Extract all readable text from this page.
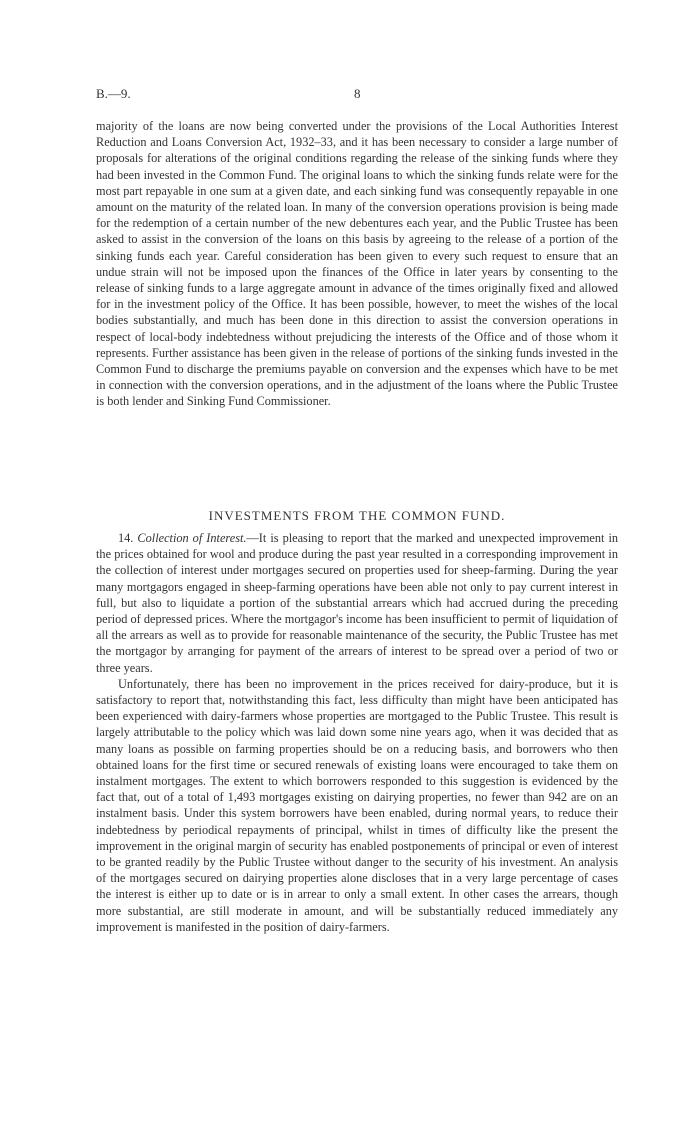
B.—9.	8

majority of the loans are now being converted under the provisions of the Local Authorities Interest Reduction and Loans Conversion Act, 1932–33, and it has been necessary to consider a large number of proposals for alterations of the original conditions regarding the release of the sinking funds where they had been invested in the Common Fund. The original loans to which the sinking funds relate were for the most part repayable in one sum at a given date, and each sinking fund was consequently repayable in one amount on the maturity of the related loan. In many of the conversion operations provision is being made for the redemption of a certain number of the new debentures each year, and the Public Trustee has been asked to assist in the conversion of the loans on this basis by agreeing to the release of a portion of the sinking funds each year. Careful consideration has been given to every such request to ensure that an undue strain will not be imposed upon the finances of the Office in later years by consenting to the release of sinking funds to a large aggregate amount in advance of the times originally fixed and allowed for in the investment policy of the Office. It has been possible, however, to meet the wishes of the local bodies substantially, and much has been done in this direction to assist the conversion operations in respect of local-body indebtedness without prejudicing the interests of the Office and of those whom it represents. Further assistance has been given in the release of portions of the sinking funds invested in the Common Fund to discharge the premiums payable on conversion and the expenses which have to be met in connection with the conversion operations, and in the adjustment of the loans where the Public Trustee is both lender and Sinking Fund Commissioner.

INVESTMENTS FROM THE COMMON FUND.

14. Collection of Interest.—It is pleasing to report that the marked and unexpected improvement in the prices obtained for wool and produce during the past year resulted in a corresponding improvement in the collection of interest under mortgages secured on properties used for sheep-farming. During the year many mortgagors engaged in sheep-farming operations have been able not only to pay current interest in full, but also to liquidate a portion of the substantial arrears which had accrued during the preceding period of depressed prices. Where the mortgagor's income has been insufficient to permit of liquidation of all the arrears as well as to provide for reasonable maintenance of the security, the Public Trustee has met the mortgagor by arranging for payment of the arrears of interest to be spread over a period of two or three years.

Unfortunately, there has been no improvement in the prices received for dairy-produce, but it is satisfactory to report that, notwithstanding this fact, less difficulty than might have been anticipated has been experienced with dairy-farmers whose properties are mortgaged to the Public Trustee. This result is largely attributable to the policy which was laid down some nine years ago, when it was decided that as many loans as possible on farming properties should be on a reducing basis, and borrowers who then obtained loans for the first time or secured renewals of existing loans were encouraged to take them on instalment mortgages. The extent to which borrowers responded to this suggestion is evidenced by the fact that, out of a total of 1,493 mortgages existing on dairying properties, no fewer than 942 are on an instalment basis. Under this system borrowers have been enabled, during normal years, to reduce their indebtedness by periodical repayments of principal, whilst in times of difficulty like the present the improvement in the original margin of security has enabled postponements of principal or even of interest to be granted readily by the Public Trustee without danger to the security of his investment. An analysis of the mortgages secured on dairying properties alone discloses that in a very large percentage of cases the interest is either up to date or is in arrear to only a small extent. In other cases the arrears, though more substantial, are still moderate in amount, and will be substantially reduced immediately any improvement is manifested in the position of dairy-farmers.
